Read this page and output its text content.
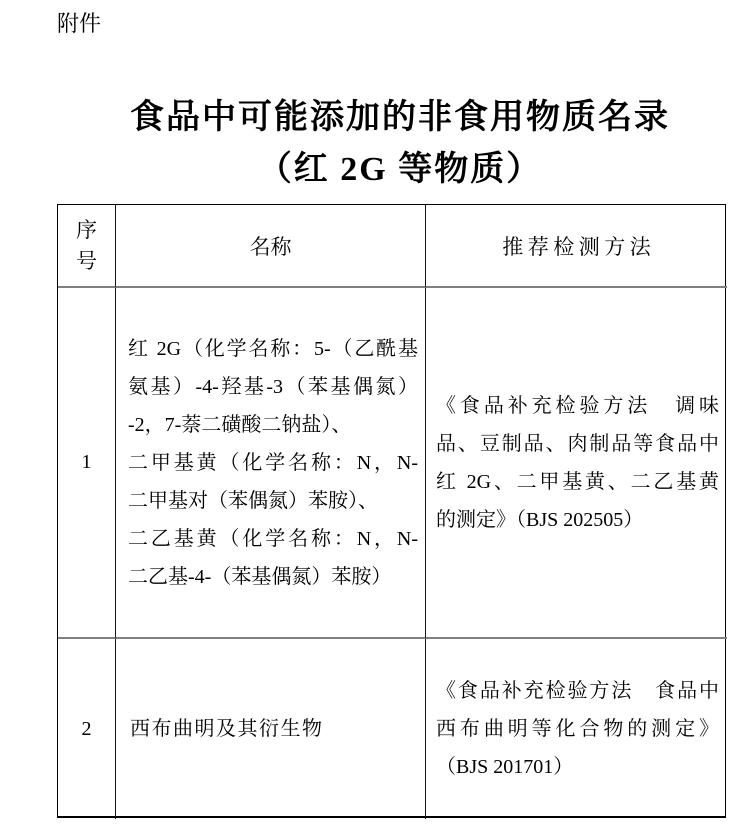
附件
食品中可能添加的非食用物质名录
（红 2G 等物质）
序号
名称	推荐检测方法
1
红 2G（化学名称：5-（乙酰基
氨基）-4-羟基-3（苯基偶氮）
-2，7-萘二磺酸二钠盐）、
二甲基黄（化学名称：N，N-
二甲基对（苯偶氮）苯胺）、
二乙基黄（化学名称：N，N-
二乙基-4-（苯基偶氮）苯胺）
《食品补充检验方法　调味
品、豆制品、肉制品等食品中
红 2G、二甲基黄、二乙基黄
的测定》（BJS 202505）
2 西布曲明及其衍生物
《食品补充检验方法　食品中
西布曲明等化合物的测定》
（BJS 201701）
